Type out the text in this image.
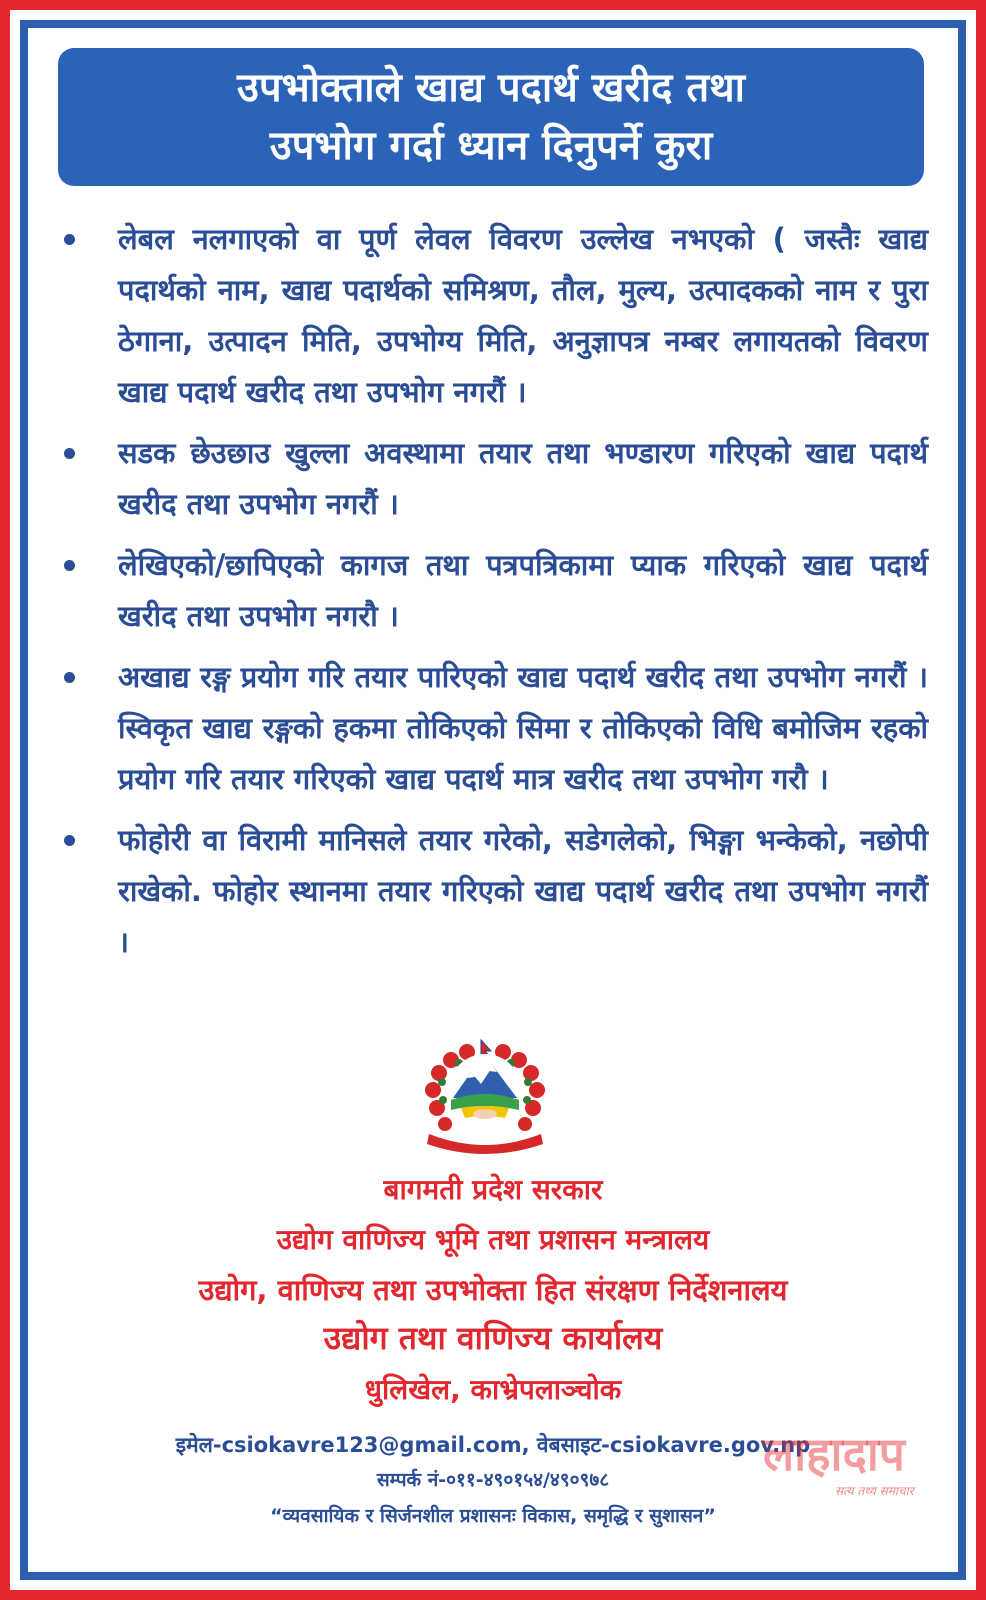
उपभोक्ताले खाद्य पदार्थ खरीद तथा
उपभोग गर्दा ध्यान दिनुपर्ने कुरा
लेबल नलगाएको वा पूर्ण लेवल विवरण उल्लेख नभएको ( जस्तैः खाद्य पदार्थको नाम, खाद्य पदार्थको समिश्रण, तौल, मुल्य, उत्पादकको नाम र पुरा ठेगाना, उत्पादन मिति, उपभोग्य मिति, अनुज्ञापत्र नम्बर लगायतको विवरण खाद्य पदार्थ खरीद तथा उपभोग नगरौं ।
सडक छेउछाउ खुल्ला अवस्थामा तयार तथा भण्डारण गरिएको खाद्य पदार्थ खरीद तथा उपभोग नगरौं ।
लेखिएको/छापिएको कागज तथा पत्रपत्रिकामा प्याक गरिएको खाद्य पदार्थ खरीद तथा उपभोग नगरौ ।
अखाद्य रङ्ग प्रयोग गरि तयार पारिएको खाद्य पदार्थ खरीद तथा उपभोग नगरौं । स्विकृत खाद्य रङ्गको हकमा तोकिएको सिमा र तोकिएको विधि बमोजिम रहको प्रयोग गरि तयार गरिएको खाद्य पदार्थ मात्र खरीद तथा उपभोग गरौ ।
फोहोरी वा विरामी मानिसले तयार गरेको, सडेगलेको, भिङ्गा भन्केको, नछोपी राखेको. फोहोर स्थानमा तयार गरिएको खाद्य पदार्थ खरीद तथा उपभोग नगरौं ।
बागमती प्रदेश सरकार
उद्योग वाणिज्य भूमि तथा प्रशासन मन्त्रालय
उद्योग, वाणिज्य तथा उपभोक्ता हित संरक्षण निर्देशनालय
उद्योग तथा वाणिज्य कार्यालय
धुलिखेल, काभ्रेपलाञ्चोक
इमेल-csiokavre123@gmail.com, वेबसाइट-csiokavre.gov.np
सम्पर्क नं-०११-४९०१५४/४९०९७८
“व्यवसायिक र सिर्जनशील प्रशासनः विकास, समृद्धि र सुशासन”
लाहादाप
सत्य तथ्य समाचार
